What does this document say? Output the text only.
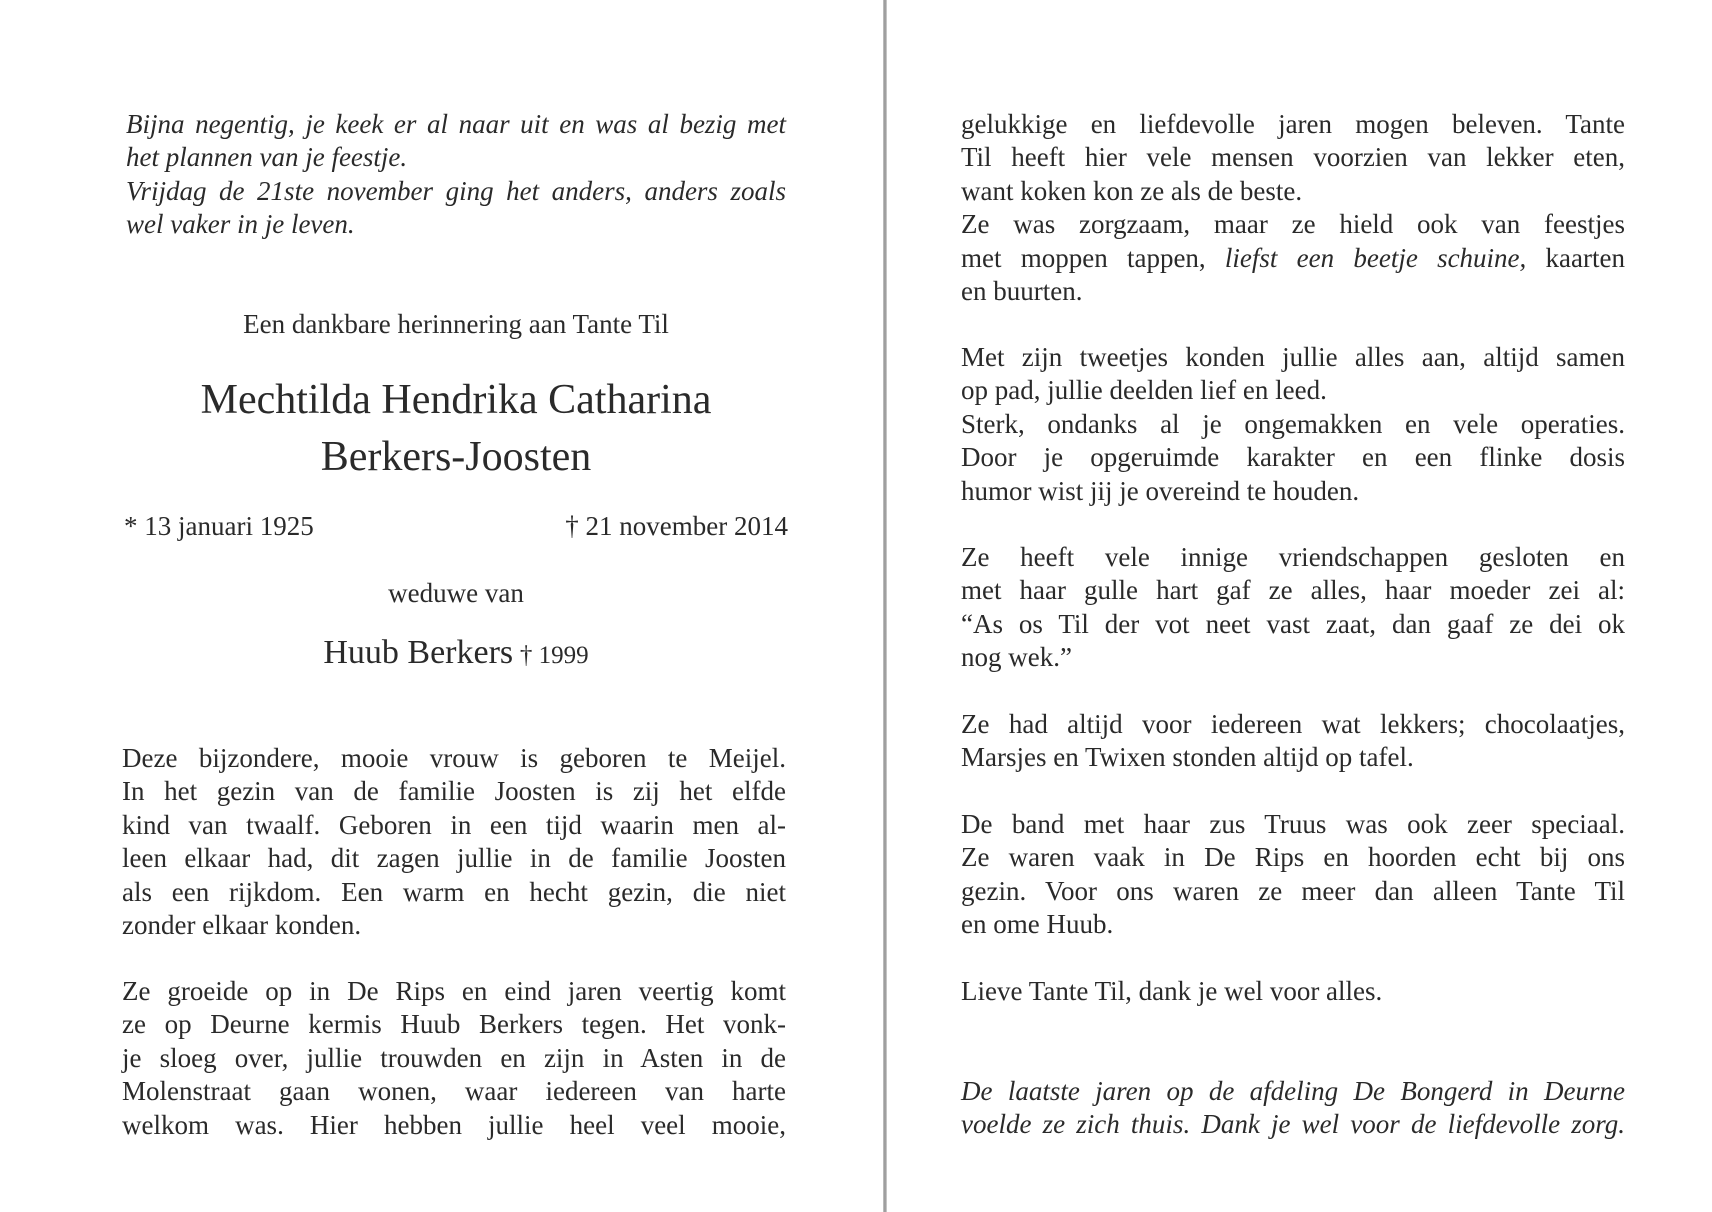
Bijna negentig, je keek er al naar uit en was al bezig met

het plannen van je feestje.

Vrijdag de 21ste november ging het anders, anders zoals

wel vaker in je leven.

Een dankbare herinnering aan Tante Til
Mechtilda Hendrika Catharina
Berkers-Joosten
* 13 januari 1925	† 21 november 2014
weduwe van
Huub Berkers † 1999

Deze bijzondere, mooie vrouw is geboren te Meijel.

In het gezin van de familie Joosten is zij het elfde

kind van twaalf. Geboren in een tijd waarin men al-

leen elkaar had, dit zagen jullie in de familie Joosten

als een rijkdom. Een warm en hecht gezin, die niet

zonder elkaar konden.

Ze groeide op in De Rips en eind jaren veertig komt

ze op Deurne kermis Huub Berkers tegen. Het vonk-

je sloeg over, jullie trouwden en zijn in Asten in de

Molenstraat gaan wonen, waar iedereen van harte

welkom was. Hier hebben jullie heel veel mooie,

gelukkige en liefdevolle jaren mogen beleven. Tante

Til heeft hier vele mensen voorzien van lekker eten,

want koken kon ze als de beste.

Ze was zorgzaam, maar ze hield ook van feestjes

met moppen tappen, liefst een beetje schuine, kaarten

en buurten.

Met zijn tweetjes konden jullie alles aan, altijd samen

op pad, jullie deelden lief en leed.

Sterk, ondanks al je ongemakken en vele operaties.

Door je opgeruimde karakter en een flinke dosis

humor wist jij je overeind te houden.

Ze heeft vele innige vriendschappen gesloten en

met haar gulle hart gaf ze alles, haar moeder zei al:

“As os Til der vot neet vast zaat, dan gaaf ze dei ok

nog wek.”

Ze had altijd voor iedereen wat lekkers; chocolaatjes,

Marsjes en Twixen stonden altijd op tafel.

De band met haar zus Truus was ook zeer speciaal.

Ze waren vaak in De Rips en hoorden echt bij ons

gezin. Voor ons waren ze meer dan alleen Tante Til

en ome Huub.

Lieve Tante Til, dank je wel voor alles.

De laatste jaren op de afdeling De Bongerd in Deurne

voelde ze zich thuis. Dank je wel voor de liefdevolle zorg.
